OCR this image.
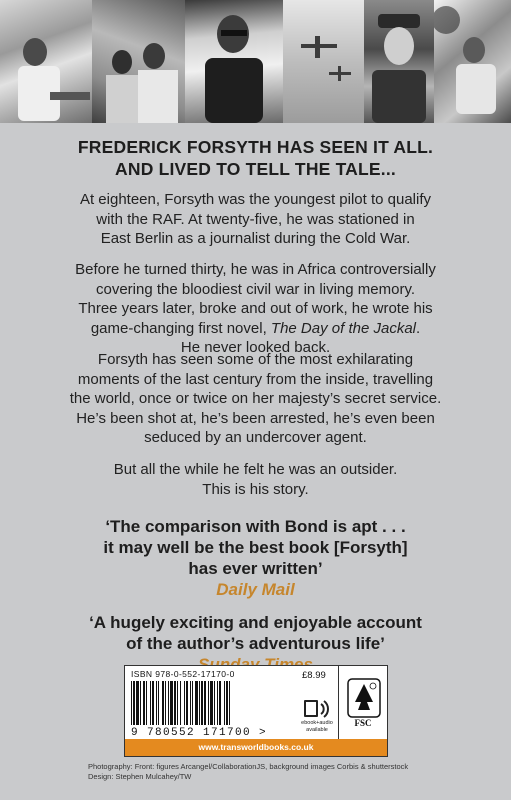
FREDERICK FORSYTH HAS SEEN IT ALL.
AND LIVED TO TELL THE TALE...
At eighteen, Forsyth was the youngest pilot to qualify
with the RAF. At twenty-five, he was stationed in
East Berlin as a journalist during the Cold War.
Before he turned thirty, he was in Africa controversially
covering the bloodiest civil war in living memory.
Three years later, broke and out of work, he wrote his
game-changing first novel, The Day of the Jackal.
He never looked back.
Forsyth has seen some of the most exhilarating
moments of the last century from the inside, travelling
the world, once or twice on her majesty’s secret service.
He’s been shot at, he’s been arrested, he’s even been
seduced by an undercover agent.
But all the while he felt he was an outsider.
This is his story.
‘The comparison with Bond is apt . . .
it may well be the best book [Forsyth]
has ever written’
Daily Mail
‘A hugely exciting and enjoyable account
of the author’s adventurous life’
ISBN 978-0-552-17170-0
9 780552 171700 >
£8.99
ebook+audio available
FSC
www.transworldbooks.co.uk
Photography: Front: figures Arcangel/CollaborationJS, background images Corbis & shutterstock
Design: Stephen Mulcahey/TW
